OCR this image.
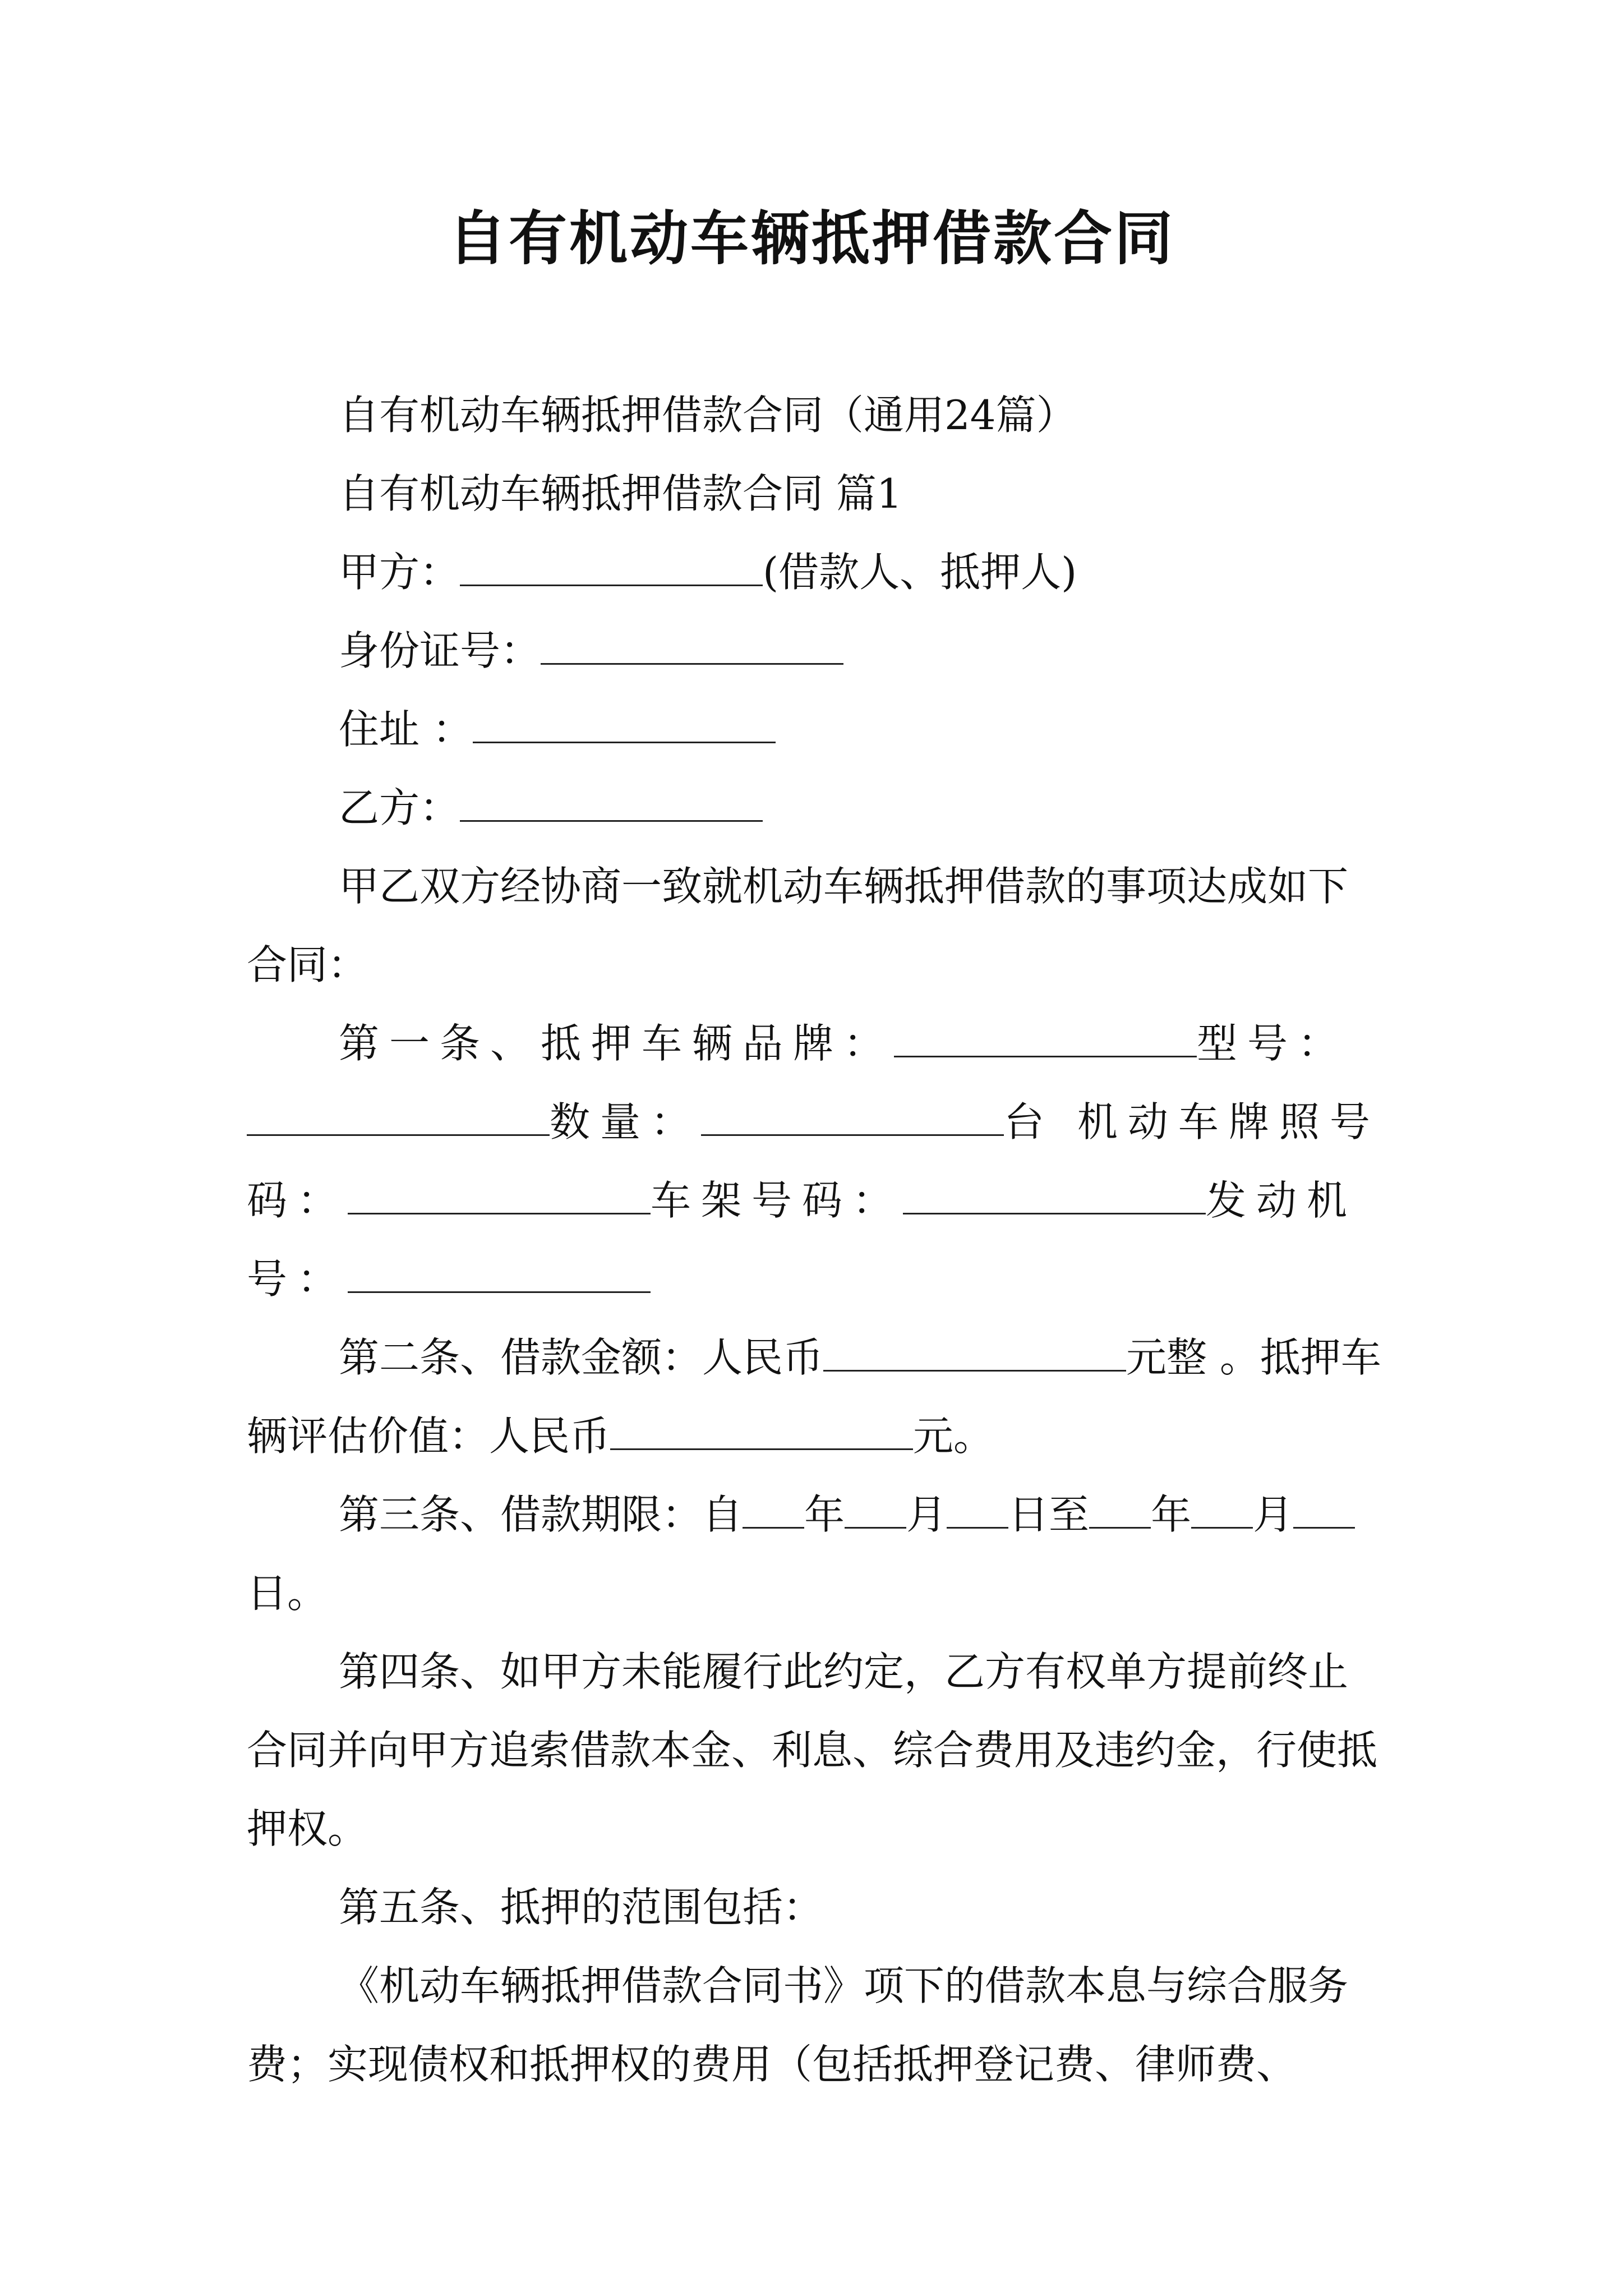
自有机动车辆抵押借款合同

自有机动车辆抵押借款合同（通用24篇）

自有机动车辆抵押借款合同 篇1

甲方：	(借款人、抵押人)

身份证号：

住址 ：

乙方：

甲乙双方经协商一致就机动车辆抵押借款的事项达成如下合同：

第一条、抵押车辆品牌：	型号：数量：	台 机动车牌照号码：	车架号码：	发动机号：

第二条、借款金额：人民币	元整 。抵押车辆评估价值：人民币	元。

第三条、借款期限：自 年 月 日至 年 月日。

第四条、如甲方未能履行此约定，乙方有权单方提前终止合同并向甲方追索借款本金、利息、综合费用及违约金，行使抵押权。

第五条、抵押的范围包括：

《机动车辆抵押借款合同书》项下的借款本息与综合服务费；实现债权和抵押权的费用（包括抵押登记费、律师费、
